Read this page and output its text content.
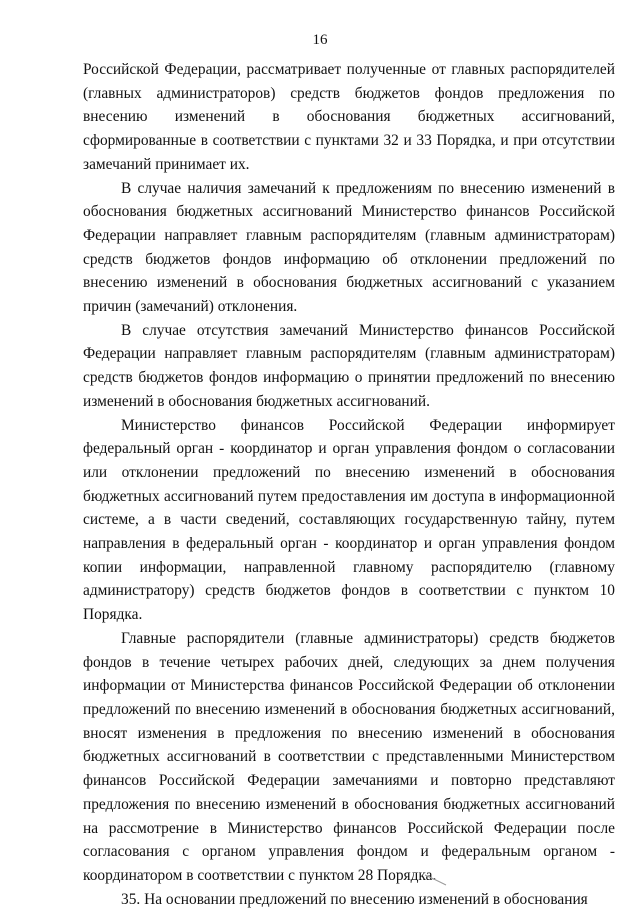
16

Российской Федерации, рассматривает полученные от главных распорядителей (главных администраторов) средств бюджетов фондов предложения по внесению изменений в обоснования бюджетных ассигнований, сформированные в соответствии с пунктами 32 и 33 Порядка, и при отсутствии замечаний принимает их.

В случае наличия замечаний к предложениям по внесению изменений в обоснования бюджетных ассигнований Министерство финансов Российской Федерации направляет главным распорядителям (главным администраторам) средств бюджетов фондов информацию об отклонении предложений по внесению изменений в обоснования бюджетных ассигнований с указанием причин (замечаний) отклонения.

В случае отсутствия замечаний Министерство финансов Российской Федерации направляет главным распорядителям (главным администраторам) средств бюджетов фондов информацию о принятии предложений по внесению изменений в обоснования бюджетных ассигнований.

Министерство финансов Российской Федерации информирует федеральный орган - координатор и орган управления фондом о согласовании или отклонении предложений по внесению изменений в обоснования бюджетных ассигнований путем предоставления им доступа в информационной системе, а в части сведений, составляющих государственную тайну, путем направления в федеральный орган - координатор и орган управления фондом копии информации, направленной главному распорядителю (главному администратору) средств бюджетов фондов в соответствии с пунктом 10 Порядка.

Главные распорядители (главные администраторы) средств бюджетов фондов в течение четырех рабочих дней, следующих за днем получения информации от Министерства финансов Российской Федерации об отклонении предложений по внесению изменений в обоснования бюджетных ассигнований, вносят изменения в предложения по внесению изменений в обоснования бюджетных ассигнований в соответствии с представленными Министерством финансов Российской Федерации замечаниями и повторно представляют предложения по внесению изменений в обоснования бюджетных ассигнований на рассмотрение в Министерство финансов Российской Федерации после согласования с органом управления фондом и федеральным органом - координатором в соответствии с пунктом 28 Порядка.

35. На основании предложений по внесению изменений в обоснования
